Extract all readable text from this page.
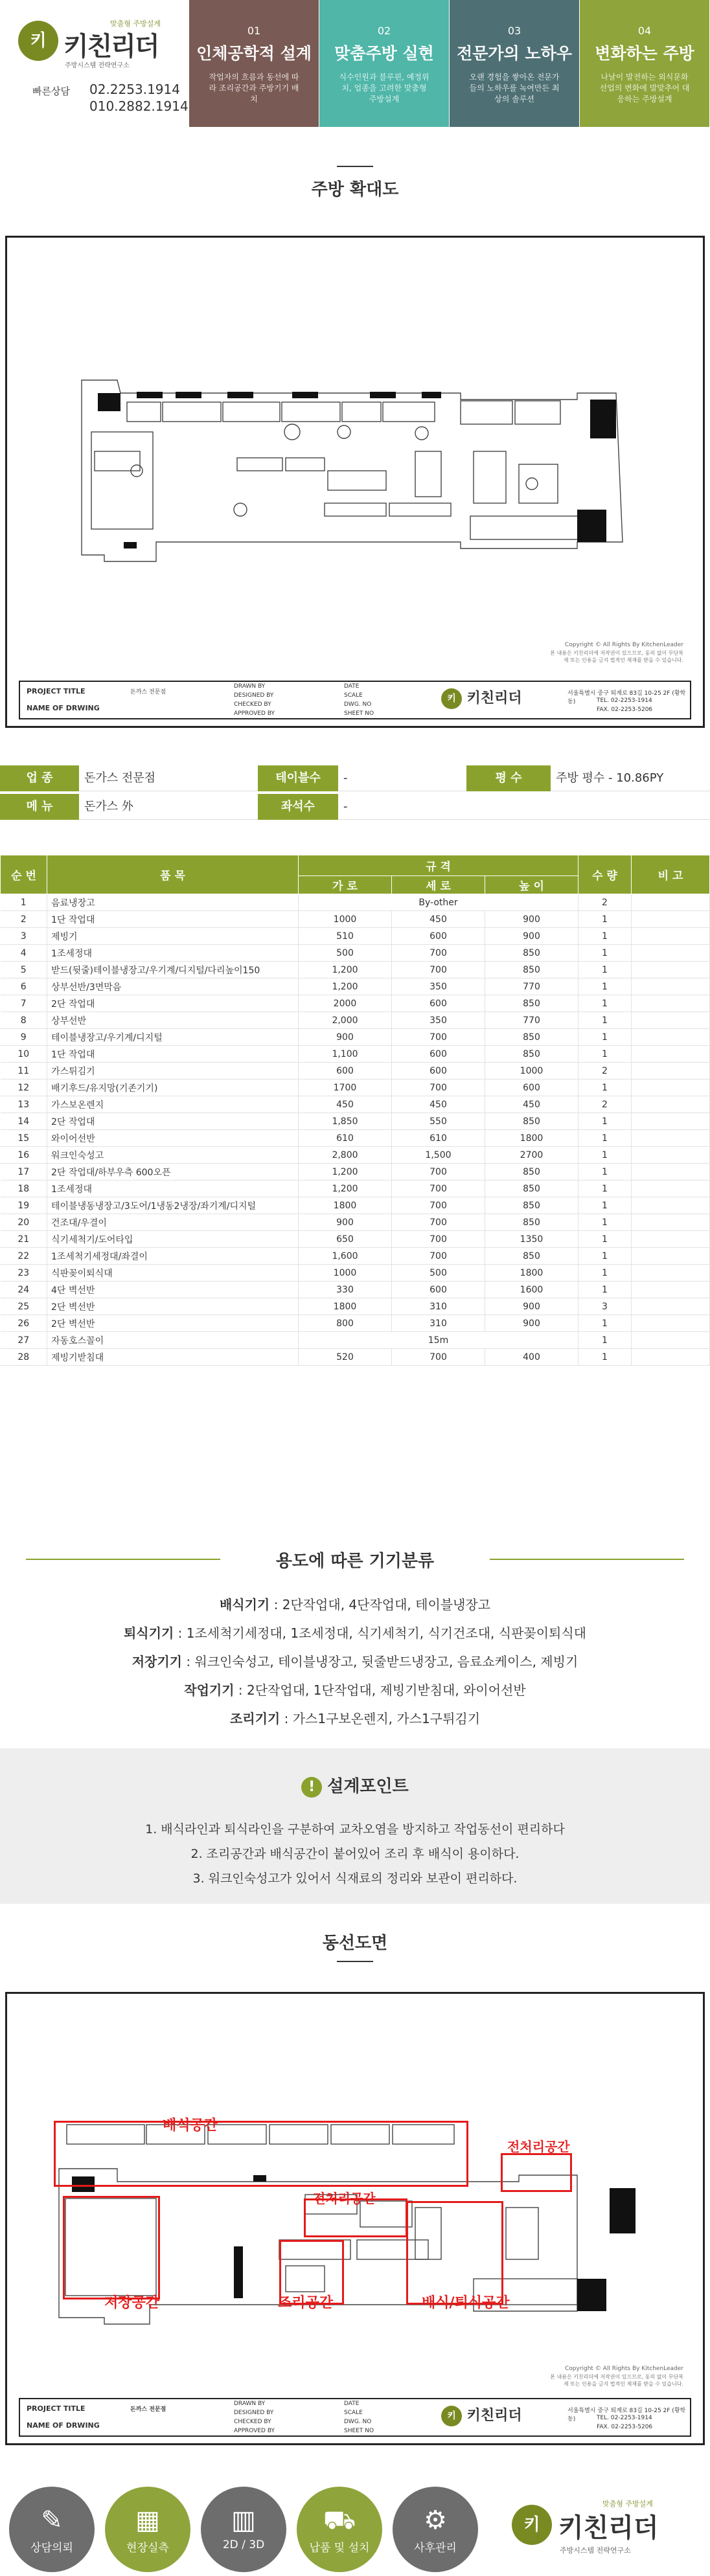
키
맞춤형 주방설계
키친리더
주방시스템 전략연구소
빠른상담 02.2253.1914
010.2882.1914
01
인체공학적 설계
작업자의 흐름과 동선에 따라 조리공간과 주방기기 배치
02
맞춤주방 실현
식수인원과 블루핀, 예정위치, 업종을 고려한 맞춤형 주방설계
03
전문가의 노하우
오랜 경험을 쌓아온 전문가들의 노하우를 녹여만든 최상의 솔루션
04
변화하는 주방
나날이 발전하는 외식문화 선업의 변화에 발맞추어 대응하는 주방설계
주방 확대도
Copyright © All Rights By KitchenLeader
본 내용은 키친리더에 저작권이 있으므로, 동의 없이 무단복제 또는 인용을 금지 법적인 제재를 받을 수 있습니다.
PROJECT TITLE	돈까스 전문점
NAME OF DRWING
DRAWN BY
DESIGNED BY
CHECKED BY
APPROVED BY
DATE
SCALE
DWG. NO
SHEET NO
키 키친리더	서울특별시 중구 퇴계로 83길 10-25 2F (황학동)	TEL. 02-2253-1914
FAX. 02-2253-5206
업 종	돈가스 전문점	테이블수	-	평 수	주방 평수 - 10.86PY
메 뉴	돈가스 外	좌석수	-
순 번	품 목	규 격			수 량	비 고
		가 로	세 로	높 이		
1	음료냉장고	By-other			2	
2	1단 작업대	1000	450	900	1	
3	제빙기	510	600	900	1	
4	1조세정대	500	700	850	1	
5	받드(뒷줄)테이블냉장고/우기계/디지털/다리높이150	1,200	700	850	1	
6	상부선반/3면막음	1,200	350	770	1	
7	2단 작업대	2000	600	850	1	
8	상부선반	2,000	350	770	1	
9	테이블냉장고/우기계/디지털	900	700	850	1	
10	1단 작업대	1,100	600	850	1	
11	가스튀김기	600	600	1000	2	
12	배기후드/유지망(기존기기)	1700	700	600	1	
13	가스보온렌지	450	450	450	2	
14	2단 작업대	1,850	550	850	1	
15	와이어선반	610	610	1800	1	
16	워크인숙성고	2,800	1,500	2700	1	
17	2단 작업대/하부우측 600오픈	1,200	700	850	1	
18	1조세정대	1,200	700	850	1	
19	테이블냉동냉장고/3도어/1냉동2냉장/좌기계/디지털	1800	700	850	1	
20	건조대/우결이	900	700	850	1	
21	식기세척기/도어타입	650	700	1350	1	
22	1조세척기세정대/좌결이	1,600	700	850	1	
23	식판꽂이퇴식대	1000	500	1800	1	
24	4단 벽선반	330	600	1600	1	
25	2단 벽선반	1800	310	900	3	
26	2단 벽선반	800	310	900	1	
27	자동호스꼴이	15m			1	
28	제빙기받침대	520	700	400	1	
용도에 따른 기기분류
배식기기 : 2단작업대, 4단작업대, 테이블냉장고
퇴식기기 : 1조세척기세정대, 1조세정대, 식기세척기, 식기건조대, 식판꽂이퇴식대
저장기기 : 워크인숙성고, 테이블냉장고, 뒷줄받드냉장고, 음료쇼케이스, 제빙기
작업기기 : 2단작업대, 1단작업대, 제빙기받침대, 와이어선반
조리기기 : 가스1구보온렌지, 가스1구튀김기
! 설계포인트
1. 배식라인과 퇴식라인을 구분하여 교차오염을 방지하고 작업동선이 편리하다
2. 조리공간과 배식공간이 붙어있어 조리 후 배식이 용이하다.
3. 워크인숙성고가 있어서 식재료의 정리와 보관이 편리하다.
동선도면
배식공간
전처리공간
전처리공간
저장공간	조리공간	배식/퇴식공간
Copyright © All Rights By KitchenLeader
본 내용은 키친리더에 저작권이 있으므로, 동의 없이 무단복제 또는 인용을 금지 법적인 제재를 받을 수 있습니다.
PROJECT TITLE	돈까스 전문점
NAME OF DRWING
DRAWN BY
DESIGNED BY
CHECKED BY
APPROVED BY
DATE
SCALE
DWG. NO
SHEET NO
키 키친리더	서울특별시 중구 퇴계로 83길 10-25 2F (황학동)	TEL. 02-2253-1914
FAX. 02-2253-5206
✎
상담의뢰
▦
현장실측
▥
2D / 3D
⛟
납품 및 설치
⚙
사후관리
키
맞춤형 주방설계
키친리더
주방시스템 전략연구소
